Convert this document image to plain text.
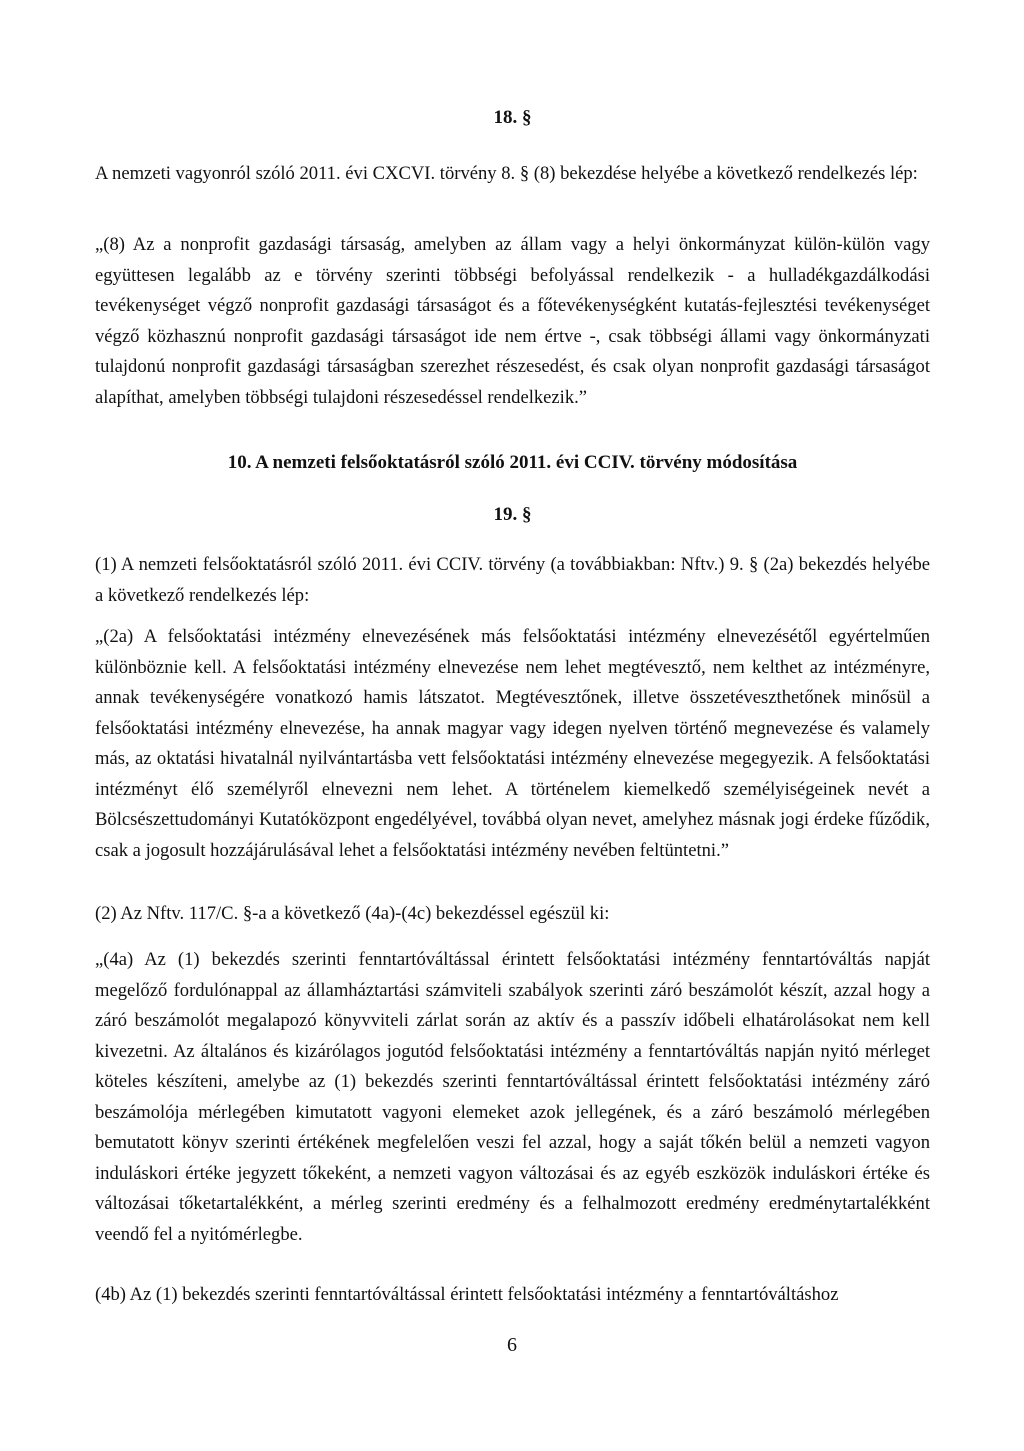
18. §

A nemzeti vagyonról szóló 2011. évi CXCVI. törvény 8. § (8) bekezdése helyébe a következő rendelkezés lép:

„(8) Az a nonprofit gazdasági társaság, amelyben az állam vagy a helyi önkormányzat külön-külön vagy együttesen legalább az e törvény szerinti többségi befolyással rendelkezik - a hulladékgazdálkodási tevékenységet végző nonprofit gazdasági társaságot és a főtevékenységként kutatás-fejlesztési tevékenységet végző közhasznú nonprofit gazdasági társaságot ide nem értve -, csak többségi állami vagy önkormányzati tulajdonú nonprofit gazdasági társaságban szerezhet részesedést, és csak olyan nonprofit gazdasági társaságot alapíthat, amelyben többségi tulajdoni részesedéssel rendelkezik.”

10. A nemzeti felsőoktatásról szóló 2011. évi CCIV. törvény módosítása
19. §

(1) A nemzeti felsőoktatásról szóló 2011. évi CCIV. törvény (a továbbiakban: Nftv.) 9. § (2a) bekezdés helyébe a következő rendelkezés lép:

„(2a) A felsőoktatási intézmény elnevezésének más felsőoktatási intézmény elnevezésétől egyértelműen különböznie kell. A felsőoktatási intézmény elnevezése nem lehet megtévesztő, nem kelthet az intézményre, annak tevékenységére vonatkozó hamis látszatot. Megtévesztőnek, illetve összetéveszthetőnek minősül a felsőoktatási intézmény elnevezése, ha annak magyar vagy idegen nyelven történő megnevezése és valamely más, az oktatási hivatalnál nyilvántartásba vett felsőoktatási intézmény elnevezése megegyezik. A felsőoktatási intézményt élő személyről elnevezni nem lehet. A történelem kiemelkedő személyiségeinek nevét a Bölcsészettudományi Kutatóközpont engedélyével, továbbá olyan nevet, amelyhez másnak jogi érdeke fűződik, csak a jogosult hozzájárulásával lehet a felsőoktatási intézmény nevében feltüntetni.”

(2) Az Nftv. 117/C. §-a a következő (4a)-(4c) bekezdéssel egészül ki:

„(4a) Az (1) bekezdés szerinti fenntartóváltással érintett felsőoktatási intézmény fenntartóváltás napját megelőző fordulónappal az államháztartási számviteli szabályok szerinti záró beszámolót készít, azzal hogy a záró beszámolót megalapozó könyvviteli zárlat során az aktív és a passzív időbeli elhatárolásokat nem kell kivezetni. Az általános és kizárólagos jogutód felsőoktatási intézmény a fenntartóváltás napján nyitó mérleget köteles készíteni, amelybe az (1) bekezdés szerinti fenntartóváltással érintett felsőoktatási intézmény záró beszámolója mérlegében kimutatott vagyoni elemeket azok jellegének, és a záró beszámoló mérlegében bemutatott könyv szerinti értékének megfelelően veszi fel azzal, hogy a saját tőkén belül a nemzeti vagyon induláskori értéke jegyzett tőkeként, a nemzeti vagyon változásai és az egyéb eszközök induláskori értéke és változásai tőketartalékként, a mérleg szerinti eredmény és a felhalmozott eredmény eredménytartalékként veendő fel a nyitómérlegbe.

(4b) Az (1) bekezdés szerinti fenntartóváltással érintett felsőoktatási intézmény a fenntartóváltáshoz

6
